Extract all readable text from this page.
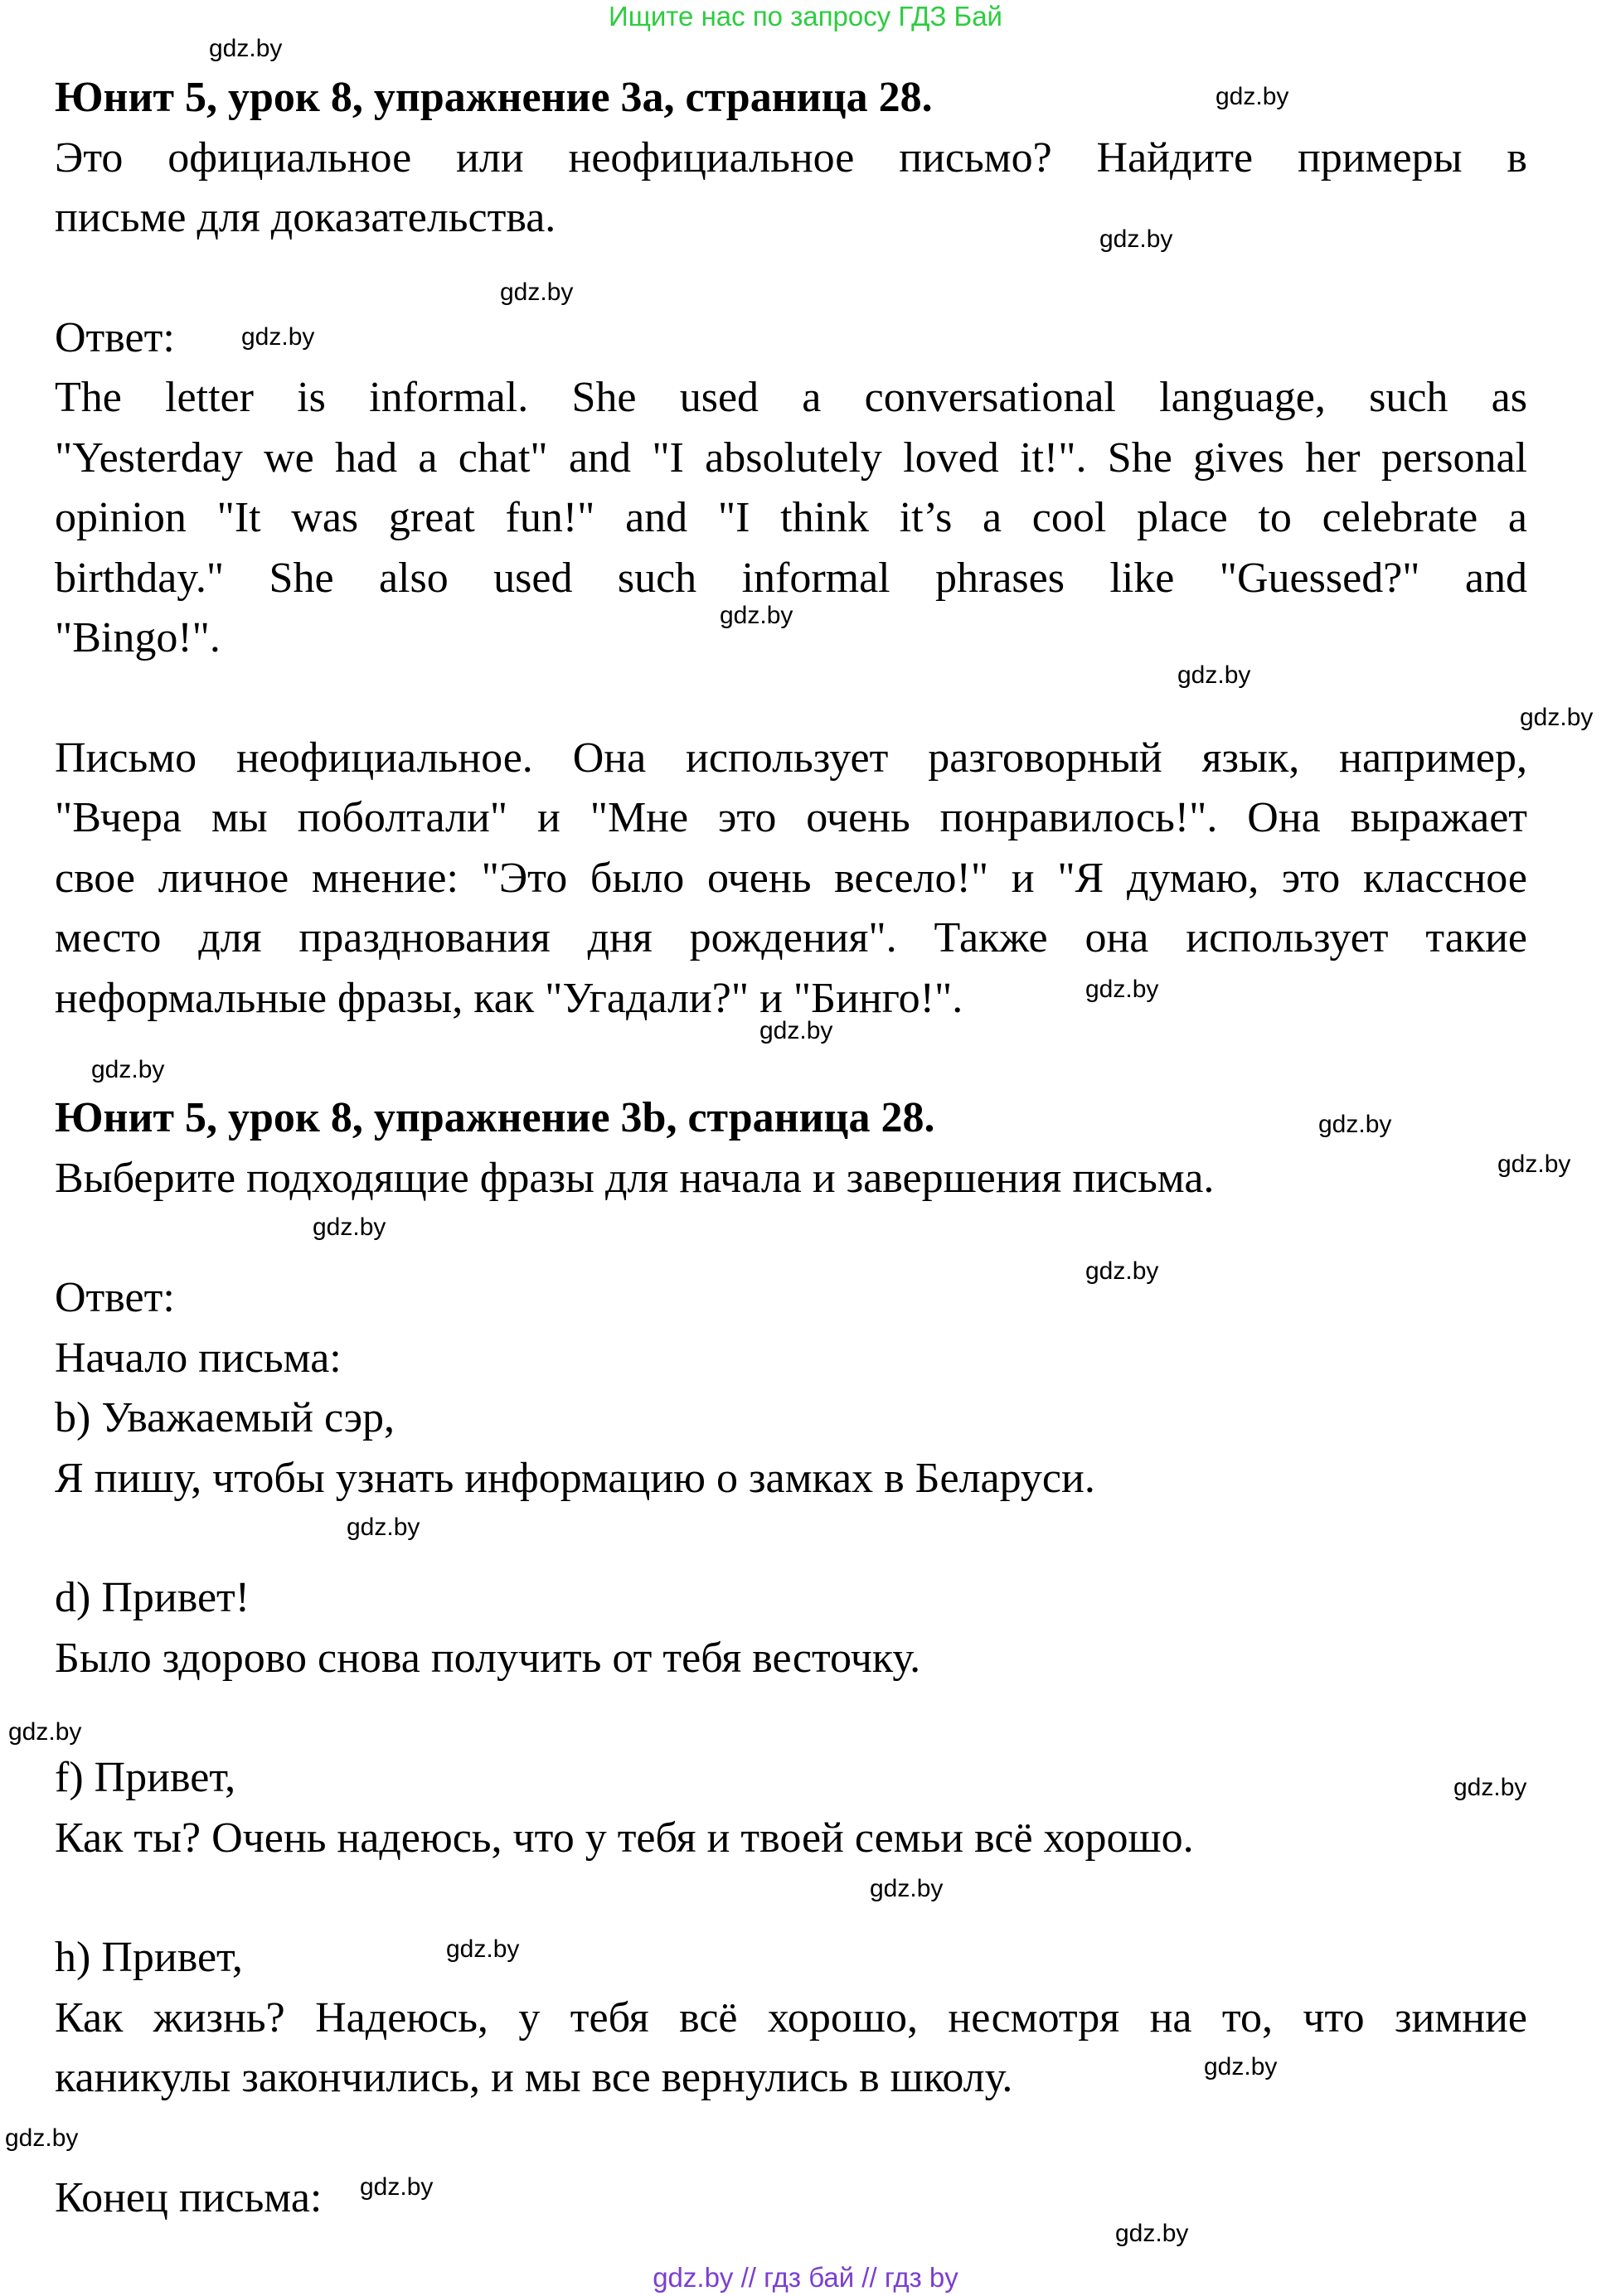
Ищите нас по запросу ГДЗ Бай

Юнит 5, урок 8, упражнение 3a, страница 28.

Это официальное или неофициальное письмо? Найдите примеры в

письме для доказательства.

Ответ:

The letter is informal. She used a conversational language, such as

"Yesterday we had a chat" and "I absolutely loved it!". She gives her personal

opinion "It was great fun!" and "I think it’s a cool place to celebrate a

birthday." She also used such informal phrases like "Guessed?" and

"Bingo!".

Письмо неофициальное. Она использует разговорный язык, например,

"Вчера мы поболтали" и "Мне это очень понравилось!". Она выражает

свое личное мнение: "Это было очень весело!" и "Я думаю, это классное

место для празднования дня рождения". Также она использует такие

неформальные фразы, как "Угадали?" и "Бинго!".

Юнит 5, урок 8, упражнение 3b, страница 28.

Выберите подходящие фразы для начала и завершения письма.

Ответ:

Начало письма:

b) Уважаемый сэр,

Я пишу, чтобы узнать информацию о замках в Беларуси.

d) Привет!

Было здорово снова получить от тебя весточку.

f) Привет,

Как ты? Очень надеюсь, что у тебя и твоей семьи всё хорошо.

h) Привет,

Как жизнь? Надеюсь, у тебя всё хорошо, несмотря на то, что зимние

каникулы закончились, и мы все вернулись в школу.

Конец письма:

gdz.by
gdz.by
gdz.by
gdz.by
gdz.by
gdz.by
gdz.by
gdz.by
gdz.by
gdz.by
gdz.by
gdz.by
gdz.by
gdz.by
gdz.by
gdz.by
gdz.by
gdz.by
gdz.by
gdz.by
gdz.by
gdz.by
gdz.by
gdz.by
gdz.by // гдз бай // гдз by
